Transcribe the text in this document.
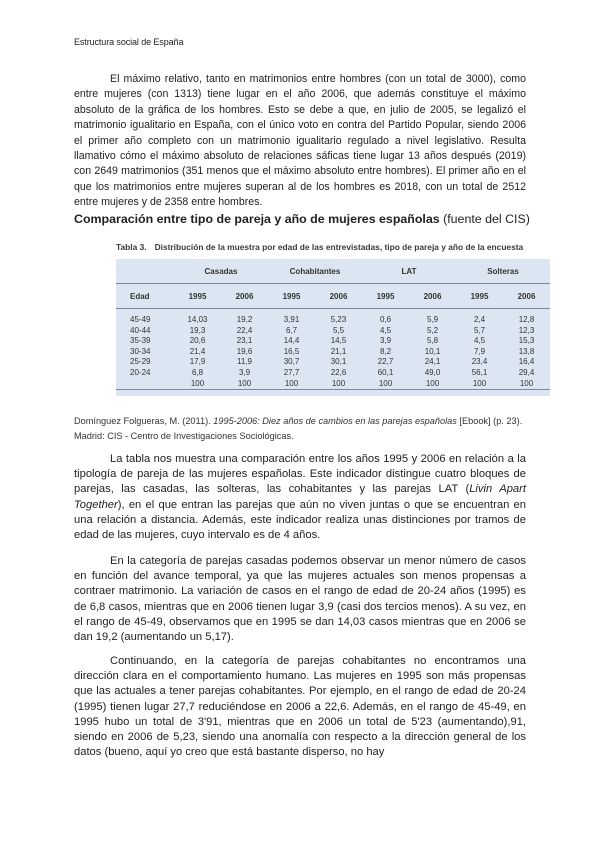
Estructura social de España

El máximo relativo, tanto en matrimonios entre hombres (con un total de 3000), como entre mujeres (con 1313) tiene lugar en el año 2006, que además constituye el máximo absoluto de la gráfica de los hombres. Esto se debe a que, en julio de 2005, se legalizó el matrimonio igualitario en España, con el único voto en contra del Partido Popular, siendo 2006 el primer año completo con un matrimonio igualitario regulado a nivel legislativo. Resulta llamativo cómo el máximo absoluto de relaciones sáficas tiene lugar 13 años después (2019) con 2649 matrimonios (351 menos que el máximo absoluto entre hombres). El primer año en el que los matrimonios entre mujeres superan al de los hombres es 2018, con un total de 2512 entre mujeres y de 2358 entre hombres.

Comparación entre tipo de pareja y año de mujeres españolas (fuente del CIS)
Tabla 3. Distribución de la muestra por edad de las entrevistadas, tipo de pareja y año de la encuesta
	Casadas		Cohabitantes		LAT		Solteras	
Edad	1995	2006	1995	2006	1995	2006	1995	2006

45-49	14,03	19,2	3,91	5,23	0,6	5,9	2,4	12,8
40-44	19,3	22,4	6,7	5,5	4,5	5,2	5,7	12,3
35-39	20,6	23,1	14,4	14,5	3,9	5,8	4,5	15,3
30-34	21,4	19,6	16,5	21,1	8,2	10,1	7,9	13,8
25-29	17,9	11,9	30,7	30,1	22,7	24,1	23,4	16,4
20-24	6,8	3,9	27,7	22,6	60,1	49,0	56,1	29,4
	100	100	100	100	100	100	100	100

Domínguez Folgueras, M. (2011). 1995-2006: Diez años de cambios en las parejas españolas [Ebook] (p. 23). Madrid: CIS - Centro de Investigaciones Sociológicas.

La tabla nos muestra una comparación entre los años 1995 y 2006 en relación a la tipología de pareja de las mujeres españolas. Este indicador distingue cuatro bloques de parejas, las casadas, las solteras, las cohabitantes y las parejas LAT (Livin Apart Together), en el que entran las parejas que aún no viven juntas o que se encuentran en una relación a distancia. Además, este indicador realiza unas distinciones por tramos de edad de las mujeres, cuyo intervalo es de 4 años.

En la categoría de parejas casadas podemos observar un menor número de casos en función del avance temporal, ya que las mujeres actuales son menos propensas a contraer matrimonio. La variación de casos en el rango de edad de 20-24 años (1995) es de 6,8 casos, mientras que en 2006 tienen lugar 3,9 (casi dos tercios menos). A su vez, en el rango de 45-49, observamos que en 1995 se dan 14,03 casos mientras que en 2006 se dan 19,2 (aumentando un 5,17).

Continuando, en la categoría de parejas cohabitantes no encontramos una dirección clara en el comportamiento humano. Las mujeres en 1995 son más propensas que las actuales a tener parejas cohabitantes. Por ejemplo, en el rango de edad de 20-24 (1995) tienen lugar 27,7 reduciéndose en 2006 a 22,6. Además, en el rango de 45-49, en 1995 hubo un total de 3'91, mientras que en 2006 un total de 5'23 (aumentando),91, siendo en 2006 de 5,23, siendo una anomalía con respecto a la dirección general de los datos (bueno, aquí yo creo que está bastante disperso, no hay
